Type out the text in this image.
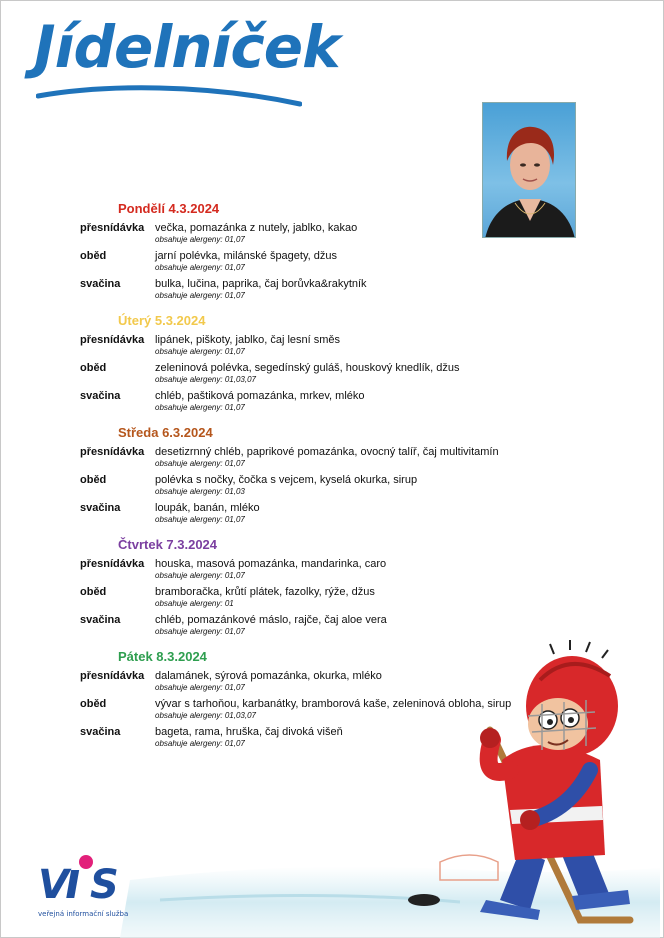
Jídelníček
Pondělí 4.3.2024
přesnídávka večka, pomazánka z nutely, jablko, kakao
obsahuje alergeny: 01,07
oběd	jarní polévka, milánské špagety, džus
obsahuje alergeny: 01,07
svačina	bulka, lučina, paprika, čaj borůvka&rakytník
obsahuje alergeny: 01,07
Úterý 5.3.2024
přesnídávka lipánek, piškoty, jablko, čaj lesní směs
obsahuje alergeny: 01,07
oběd	zeleninová polévka, segedínský guláš, houskový knedlík, džus
obsahuje alergeny: 01,03,07
svačina	chléb, paštiková pomazánka, mrkev, mléko
obsahuje alergeny: 01,07
Středa 6.3.2024
přesnídávka desetizrnný chléb, paprikové pomazánka, ovocný talíř, čaj multivitamín
obsahuje alergeny: 01,07
oběd	polévka s nočky, čočka s vejcem, kyselá okurka, sirup
obsahuje alergeny: 01,03
svačina	loupák, banán, mléko
obsahuje alergeny: 01,07
Čtvrtek 7.3.2024
přesnídávka houska, masová pomazánka, mandarinka, caro
obsahuje alergeny: 01,07
oběd	bramboračka, krůtí plátek, fazolky, rýže, džus
obsahuje alergeny: 01
svačina	chléb, pomazánkové máslo, rajče, čaj aloe vera
obsahuje alergeny: 01,07
Pátek 8.3.2024
přesnídávka dalamánek, sýrová pomazánka, okurka, mléko
obsahuje alergeny: 01,07
oběd	vývar s tarhoňou, karbanátky, bramborová kaše, zeleninová obloha, sirup
obsahuje alergeny: 01,03,07
svačina	bageta, rama, hruška, čaj divoká višeň
obsahuje alergeny: 01,07
V S
veřejná informační služba
